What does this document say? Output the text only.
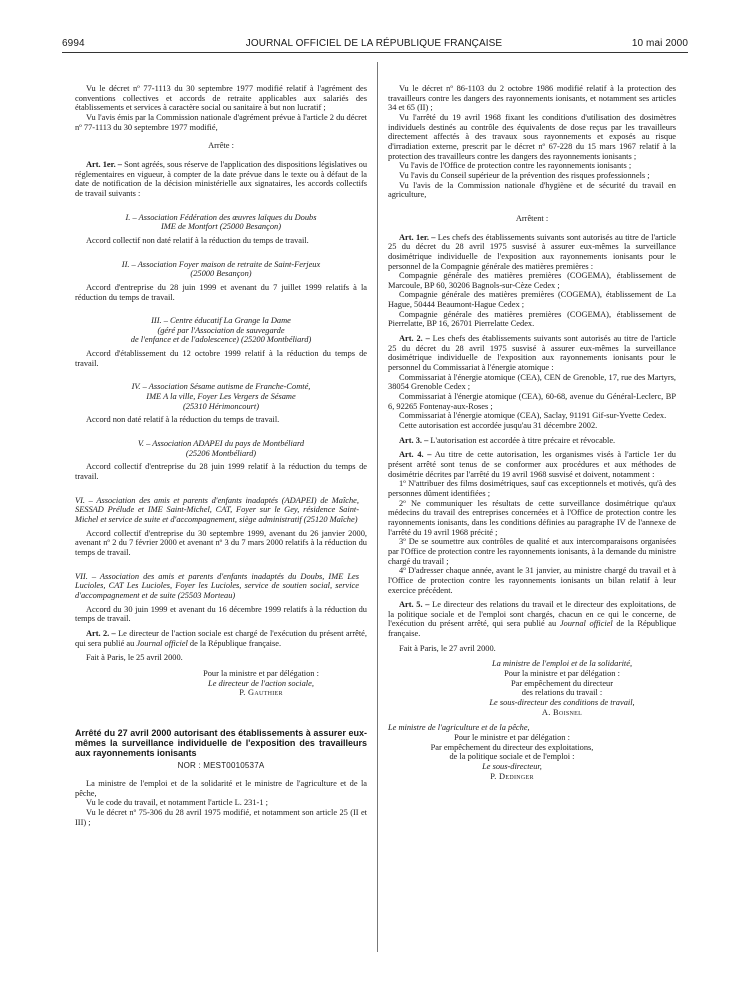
6994	JOURNAL OFFICIEL DE LA RÉPUBLIQUE FRANÇAISE	10 mai 2000

Vu le décret nº 77-1113 du 30 septembre 1977 modifié relatif à l'agrément des conventions collectives et accords de retraite applicables aux salariés des établissements et services à caractère social ou sanitaire à but non lucratif ;

Vu l'avis émis par la Commission nationale d'agrément prévue à l'article 2 du décret nº 77-1113 du 30 septembre 1977 modifié,

Arrête :

Art. 1er. – Sont agréés, sous réserve de l'application des dispositions législatives ou réglementaires en vigueur, à compter de la date prévue dans le texte ou à défaut de la date de notification de la décision ministérielle aux signataires, les accords collectifs de travail suivants :

I. – Association Fédération des œuvres laïques du Doubs
IME de Montfort (25000 Besançon)

Accord collectif non daté relatif à la réduction du temps de travail.

II. – Association Foyer maison de retraite de Saint-Ferjeux
(25000 Besançon)

Accord d'entreprise du 28 juin 1999 et avenant du 7 juillet 1999 relatifs à la réduction du temps de travail.

III. – Centre éducatif La Grange la Dame
(géré par l'Association de sauvegarde
de l'enfance et de l'adolescence) (25200 Montbéliard)

Accord d'établissement du 12 octobre 1999 relatif à la réduction du temps de travail.

IV. – Association Sésame autisme de Franche-Comté,
IME A la ville, Foyer Les Vergers de Sésame
(25310 Hérimoncourt)

Accord non daté relatif à la réduction du temps de travail.

V. – Association ADAPEI du pays de Montbéliard
(25206 Montbéliard)

Accord collectif d'entreprise du 28 juin 1999 relatif à la réduction du temps de travail.

VI. – Association des amis et parents d'enfants inadaptés (ADAPEI) de Maîche, SESSAD Prélude et IME Saint-Michel, CAT, Foyer sur le Gey, résidence Saint-Michel et service de suite et d'accompagnement, siège administratif (25120 Maîche)

Accord collectif d'entreprise du 30 septembre 1999, avenant du 26 janvier 2000, avenant nº 2 du 7 février 2000 et avenant nº 3 du 7 mars 2000 relatifs à la réduction du temps de travail.

VII. – Association des amis et parents d'enfants inadaptés du Doubs, IME Les Lucioles, CAT Les Lucioles, Foyer les Lucioles, service de soutien social, service d'accompagnement et de suite (25503 Morteau)

Accord du 30 juin 1999 et avenant du 16 décembre 1999 relatifs à la réduction du temps de travail.

Art. 2. – Le directeur de l'action sociale est chargé de l'exécution du présent arrêté, qui sera publié au Journal officiel de la République française.

Fait à Paris, le 25 avril 2000.

Pour la ministre et par délégation :
Le directeur de l'action sociale,
P. Gauthier
Arrêté du 27 avril 2000 autorisant des établissements à assurer eux-mêmes la surveillance individuelle de l'exposition des travailleurs aux rayonnements ionisants
NOR : MEST0010537A

La ministre de l'emploi et de la solidarité et le ministre de l'agriculture et de la pêche,

Vu le code du travail, et notamment l'article L. 231-1 ;

Vu le décret nº 75-306 du 28 avril 1975 modifié, et notamment son article 25 (II et III) ;

Vu le décret nº 86-1103 du 2 octobre 1986 modifié relatif à la protection des travailleurs contre les dangers des rayonnements ionisants, et notamment ses articles 34 et 65 (II) ;

Vu l'arrêté du 19 avril 1968 fixant les conditions d'utilisation des dosimètres individuels destinés au contrôle des équivalents de dose reçus par les travailleurs directement affectés à des travaux sous rayonnements et exposés au risque d'irradiation externe, prescrit par le décret nº 67-228 du 15 mars 1967 relatif à la protection des travailleurs contre les dangers des rayonnements ionisants ;

Vu l'avis de l'Office de protection contre les rayonnements ionisants ;

Vu l'avis du Conseil supérieur de la prévention des risques professionnels ;

Vu l'avis de la Commission nationale d'hygiène et de sécurité du travail en agriculture,

Arrêtent :

Art. 1er. – Les chefs des établissements suivants sont autorisés au titre de l'article 25 du décret du 28 avril 1975 susvisé à assurer eux-mêmes la surveillance dosimétrique individuelle de l'exposition aux rayonnements ionisants pour le personnel de la Compagnie générale des matières premières :

Compagnie générale des matières premières (COGEMA), établissement de Marcoule, BP 60, 30206 Bagnols-sur-Cèze Cedex ;
Compagnie générale des matières premières (COGEMA), établissement de La Hague, 50444 Beaumont-Hague Cedex ;
Compagnie générale des matières premières (COGEMA), établissement de Pierrelatte, BP 16, 26701 Pierrelatte Cedex.

Art. 2. – Les chefs des établissements suivants sont autorisés au titre de l'article 25 du décret du 28 avril 1975 susvisé à assurer eux-mêmes la surveillance dosimétrique individuelle de l'exposition aux rayonnements ionisants pour le personnel du Commissariat à l'énergie atomique :

Commissariat à l'énergie atomique (CEA), CEN de Grenoble, 17, rue des Martyrs, 38054 Grenoble Cedex ;
Commissariat à l'énergie atomique (CEA), 60-68, avenue du Général-Leclerc, BP 6, 92265 Fontenay-aux-Roses ;
Commissariat à l'énergie atomique (CEA), Saclay, 91191 Gif-sur-Yvette Cedex.

Cette autorisation est accordée jusqu'au 31 décembre 2002.

Art. 3. – L'autorisation est accordée à titre précaire et révocable.

Art. 4. – Au titre de cette autorisation, les organismes visés à l'article 1er du présent arrêté sont tenus de se conformer aux procédures et aux méthodes de dosimétrie décrites par l'arrêté du 19 avril 1968 susvisé et doivent, notamment :

1º N'attribuer des films dosimétriques, sauf cas exceptionnels et motivés, qu'à des personnes dûment identifiées ;
2º Ne communiquer les résultats de cette surveillance dosimétrique qu'aux médecins du travail des entreprises concernées et à l'Office de protection contre les rayonnements ionisants, dans les conditions définies au paragraphe IV de l'annexe de l'arrêté du 19 avril 1968 précité ;
3º De se soumettre aux contrôles de qualité et aux intercomparaisons organisées par l'Office de protection contre les rayonnements ionisants, à la demande du ministre chargé du travail ;
4º D'adresser chaque année, avant le 31 janvier, au ministre chargé du travail et à l'Office de protection contre les rayonnements ionisants un bilan relatif à leur exercice précédent.

Art. 5. – Le directeur des relations du travail et le directeur des exploitations, de la politique sociale et de l'emploi sont chargés, chacun en ce qui le concerne, de l'exécution du présent arrêté, qui sera publié au Journal officiel de la République française.

Fait à Paris, le 27 avril 2000.

La ministre de l'emploi et de la solidarité,
Pour la ministre et par délégation :
Par empêchement du directeur
des relations du travail :
Le sous-directeur des conditions de travail,
A. Boisnel
Le ministre de l'agriculture et de la pêche,
Pour le ministre et par délégation :
Par empêchement du directeur des exploitations,
de la politique sociale et de l'emploi :
Le sous-directeur,
P. Dedinger
